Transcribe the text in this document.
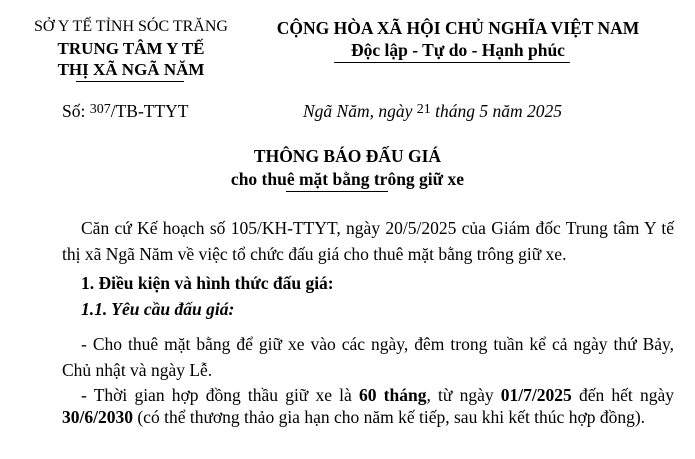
SỞ Y TẾ TỈNH SÓC TRĂNG
TRUNG TÂM Y TẾ
THỊ XÃ NGÃ NĂM
CỘNG HÒA XÃ HỘI CHỦ NGHĨA VIỆT NAM
Độc lập - Tự do - Hạnh phúc
Số: $^{307}$/TB-TTYT	Ngã Năm, ngày $^{21}$ tháng 5 năm 2025
THÔNG BÁO ĐẤU GIÁ
cho thuê mặt bằng trông giữ xe
Căn cứ Kế hoạch số 105/KH-TTYT, ngày 20/5/2025 của Giám đốc Trung tâm Y tế thị xã Ngã Năm về việc tổ chức đấu giá cho thuê mặt bằng trông giữ xe.
1. Điều kiện và hình thức đấu giá:
1.1. Yêu cầu đấu giá:
- Cho thuê mặt bằng để giữ xe vào các ngày, đêm trong tuần kể cả ngày thứ Bảy, Chủ nhật và ngày Lễ.
- Thời gian hợp đồng thầu giữ xe là 60 tháng, từ ngày 01/7/2025 đến hết ngày 30/6/2030 (có thể thương thảo gia hạn cho năm kế tiếp, sau khi kết thúc hợp đồng).
